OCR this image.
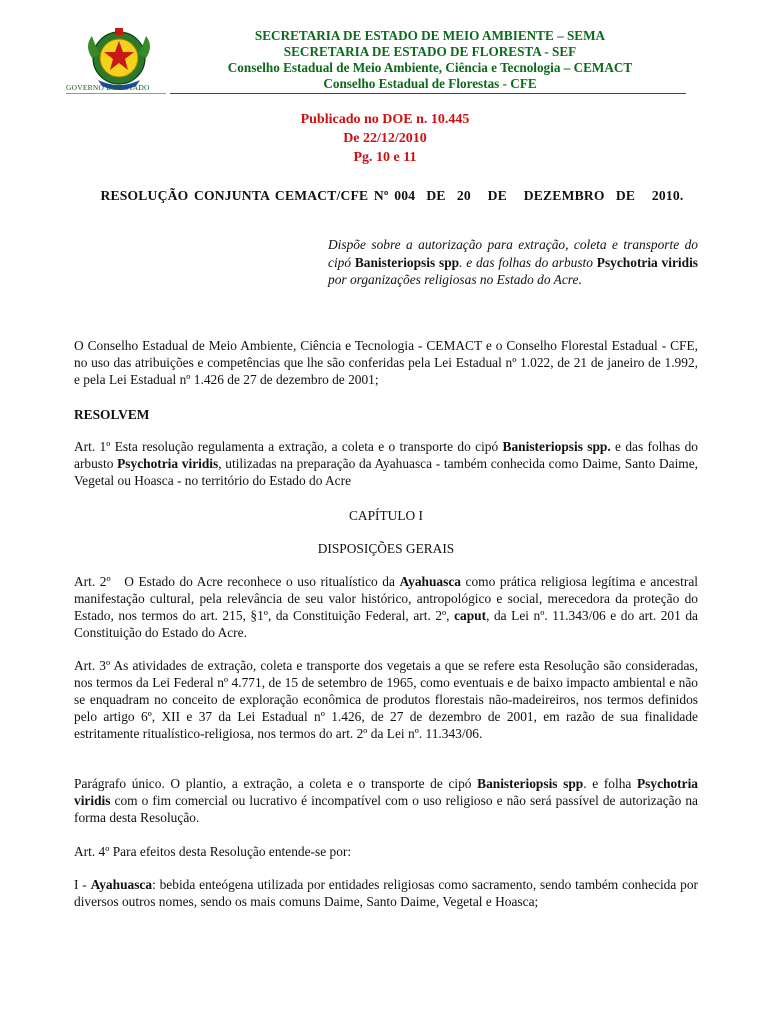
GOVERNO DO ESTADO
SECRETARIA DE ESTADO DE MEIO AMBIENTE – SEMA
SECRETARIA DE ESTADO DE FLORESTA - SEF
Conselho Estadual de Meio Ambiente, Ciência e Tecnologia – CEMACT
Conselho Estadual de Florestas - CFE
Publicado no DOE n. 10.445
De 22/12/2010
Pg. 10 e 11
RESOLUÇÃO CONJUNTA CEMACT/CFE Nº 004  DE  20   DE   DEZEMBRO  DE   2010.
Dispõe sobre a autorização para extração, coleta e transporte do cipó Banisteriopsis spp. e das folhas do arbusto Psychotria viridis por organizações religiosas no Estado do Acre.
O Conselho Estadual de Meio Ambiente, Ciência e Tecnologia - CEMACT e o Conselho Florestal Estadual - CFE, no uso das atribuições e competências que lhe são conferidas pela Lei Estadual nº 1.022, de 21 de janeiro de 1.992, e pela Lei Estadual nº 1.426 de 27 de dezembro de 2001;
RESOLVEM
Art. 1º Esta resolução regulamenta a extração, a coleta e o transporte do cipó Banisteriopsis spp. e das folhas do arbusto Psychotria viridis, utilizadas na preparação da Ayahuasca - também conhecida como Daime, Santo Daime, Vegetal ou Hoasca - no território do Estado do Acre
CAPÍTULO I
DISPOSIÇÕES GERAIS
Art. 2º   O Estado do Acre reconhece o uso ritualístico da Ayahuasca como prática religiosa legítima e ancestral manifestação cultural, pela relevância de seu valor histórico, antropológico e social, merecedora da proteção do Estado, nos termos do art. 215, §1º, da Constituição Federal, art. 2º, caput, da Lei nº. 11.343/06 e do art. 201 da Constituição do Estado do Acre.
Art. 3º As atividades de extração, coleta e transporte dos vegetais a que se refere esta Resolução são consideradas, nos termos da Lei Federal nº 4.771, de 15 de setembro de 1965, como eventuais e de baixo impacto ambiental e não se enquadram no conceito de exploração econômica de produtos florestais não-madeireiros, nos termos definidos pelo artigo 6º, XII e 37 da Lei Estadual nº 1.426, de 27 de dezembro de 2001, em razão de sua finalidade estritamente ritualístico-religiosa, nos termos do art. 2º da Lei nº. 11.343/06.
Parágrafo único. O plantio, a extração, a coleta e o transporte de cipó Banisteriopsis spp. e folha Psychotria viridis com o fim comercial ou lucrativo é incompatível com o uso religioso e não será passível de autorização na forma desta Resolução.
Art. 4º Para efeitos desta Resolução entende-se por:
I - Ayahuasca: bebida enteógena utilizada por entidades religiosas como sacramento, sendo também conhecida por diversos outros nomes, sendo os mais comuns Daime, Santo Daime, Vegetal e Hoasca;
